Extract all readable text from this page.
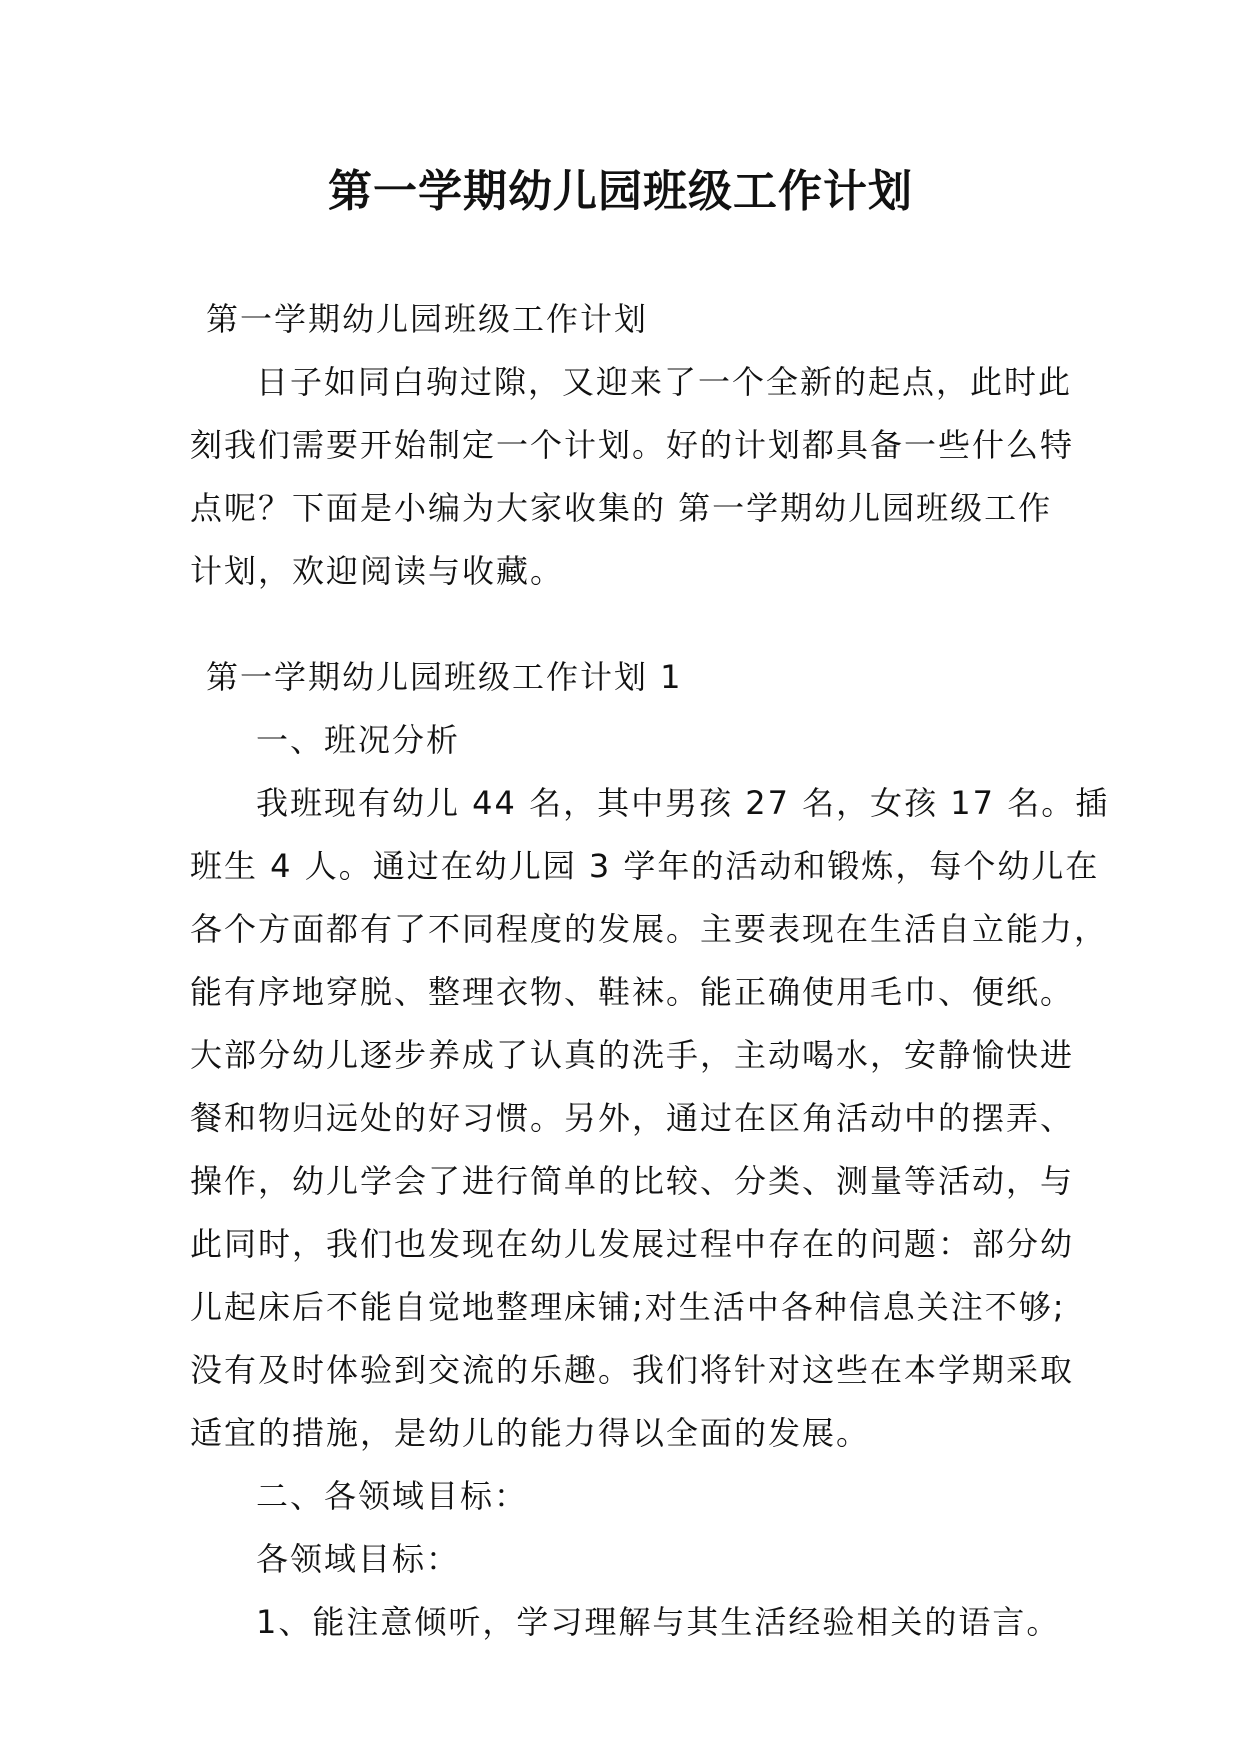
第一学期幼儿园班级工作计划

第一学期幼儿园班级工作计划

日子如同白驹过隙，又迎来了一个全新的起点，此时此

刻我们需要开始制定一个计划。好的计划都具备一些什么特

点呢？下面是小编为大家收集的 第一学期幼儿园班级工作

计划，欢迎阅读与收藏。

第一学期幼儿园班级工作计划 1

一、班况分析

我班现有幼儿 44 名，其中男孩 27 名，女孩 17 名。插

班生 4 人。通过在幼儿园 3 学年的活动和锻炼，每个幼儿在

各个方面都有了不同程度的发展。主要表现在生活自立能力，

能有序地穿脱、整理衣物、鞋袜。能正确使用毛巾、便纸。

大部分幼儿逐步养成了认真的洗手，主动喝水，安静愉快进

餐和物归远处的好习惯。另外，通过在区角活动中的摆弄、

操作，幼儿学会了进行简单的比较、分类、测量等活动，与

此同时，我们也发现在幼儿发展过程中存在的问题：部分幼

儿起床后不能自觉地整理床铺;对生活中各种信息关注不够;

没有及时体验到交流的乐趣。我们将针对这些在本学期采取

适宜的措施，是幼儿的能力得以全面的发展。

二、各领域目标：

各领域目标：

1、能注意倾听，学习理解与其生活经验相关的语言。
